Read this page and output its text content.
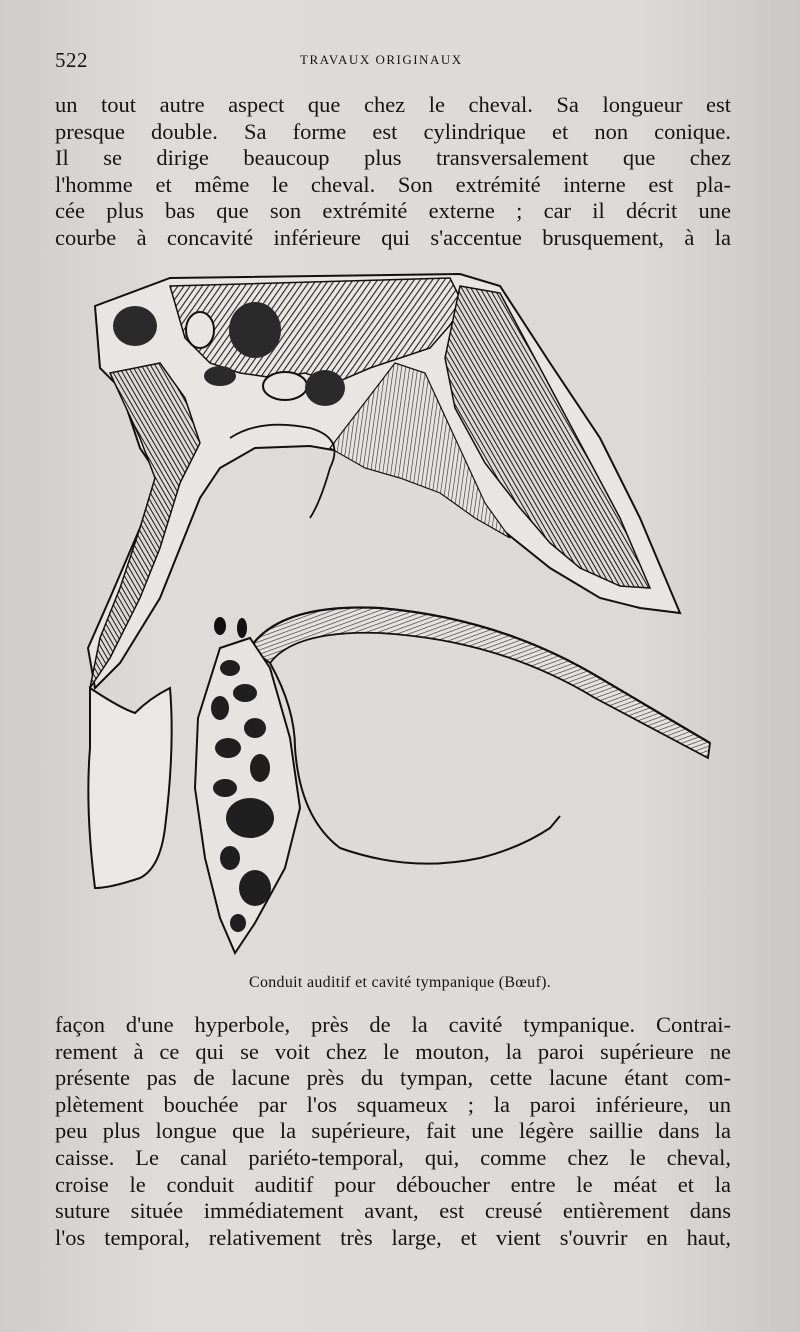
522	TRAVAUX ORIGINAUX
un tout autre aspect que chez le cheval. Sa longueur est
presque double. Sa forme est cylindrique et non conique.
Il se dirige beaucoup plus transversalement que chez
l'homme et même le cheval. Son extrémité interne est pla-
cée plus bas que son extrémité externe ; car il décrit une
courbe à concavité inférieure qui s'accentue brusquement, à la
Conduit auditif et cavité tympanique (Bœuf).
façon d'une hyperbole, près de la cavité tympanique. Contrai-
rement à ce qui se voit chez le mouton, la paroi supérieure ne
présente pas de lacune près du tympan, cette lacune étant com-
plètement bouchée par l'os squameux ; la paroi inférieure, un
peu plus longue que la supérieure, fait une légère saillie dans la
caisse. Le canal pariéto-temporal, qui, comme chez le cheval,
croise le conduit auditif pour déboucher entre le méat et la
suture située immédiatement avant, est creusé entièrement dans
l'os temporal, relativement très large, et vient s'ouvrir en haut,
